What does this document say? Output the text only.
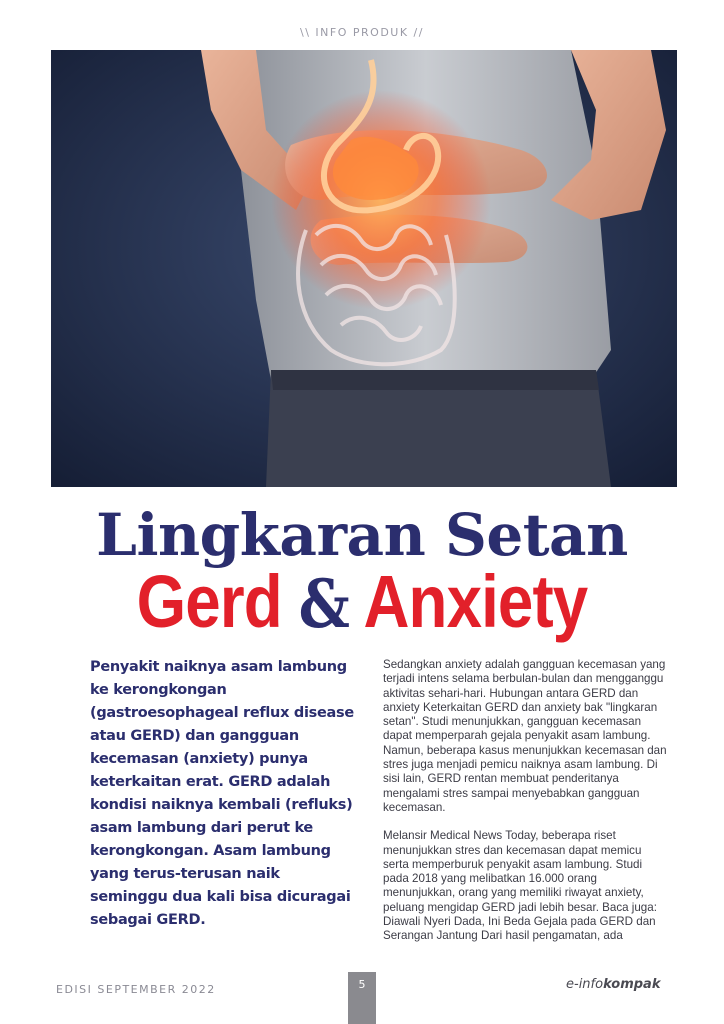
\\ INFO PRODUK //
Lingkaran Setan
Gerd & Anxiety
Penyakit naiknya asam lambung ke kerongkongan (gastroesophageal reflux disease atau GERD) dan gangguan kecemasan (anxiety) punya keterkaitan erat. GERD adalah kondisi naiknya kembali (refluks) asam lambung dari perut ke kerongkongan. Asam lambung yang terus-terusan naik seminggu dua kali bisa dicuragai sebagai GERD.

Sedangkan anxiety adalah gangguan kecemasan yang terjadi intens selama berbulan-bulan dan mengganggu aktivitas sehari-hari. Hubungan antara GERD dan anxiety Keterkaitan GERD dan anxiety bak "lingkaran setan". Studi menunjukkan, gangguan kecemasan dapat memperparah gejala penyakit asam lambung. Namun, beberapa kasus menunjukkan kecemasan dan stres juga menjadi pemicu naiknya asam lambung. Di sisi lain, GERD rentan membuat penderitanya mengalami stres sampai menyebabkan gangguan kecemasan.

Melansir Medical News Today, beberapa riset menunjukkan stres dan kecemasan dapat memicu serta memperburuk penyakit asam lambung. Studi pada 2018 yang melibatkan 16.000 orang menunjukkan, orang yang memiliki riwayat anxiety, peluang mengidap GERD jadi lebih besar. Baca juga: Diawali Nyeri Dada, Ini Beda Gejala pada GERD dan Serangan Jantung Dari hasil pengamatan, ada

EDISI SEPTEMBER 2022	5	e-infokompak
